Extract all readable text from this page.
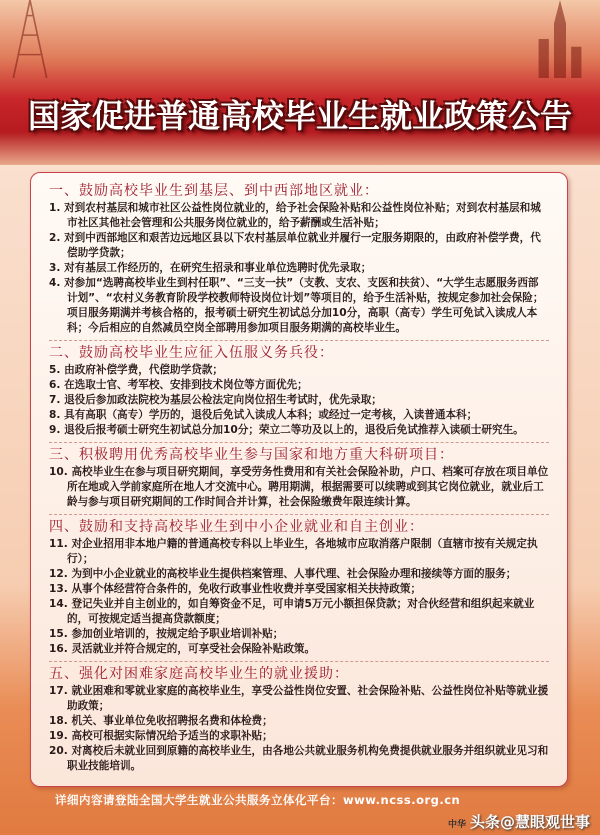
国家促进普通高校毕业生就业政策公告
一、鼓励高校毕业生到基层、到中西部地区就业：
1. 对到农村基层和城市社区公益性岗位就业的，给予社会保险补贴和公益性岗位补贴；对到农村基层和城市社区其他社会管理和公共服务岗位就业的，给予薪酬或生活补贴；
2. 对到中西部地区和艰苦边远地区县以下农村基层单位就业并履行一定服务期限的，由政府补偿学费，代偿助学贷款；
3. 对有基层工作经历的，在研究生招录和事业单位选聘时优先录取；
4. 对参加“选聘高校毕业生到村任职”、“三支一扶”（支教、支农、支医和扶贫）、“大学生志愿服务西部计划”、“农村义务教育阶段学校教师特设岗位计划”等项目的，给予生活补贴，按规定参加社会保险；项目服务期满并考核合格的，报考硕士研究生初试总分加10分，高职（高专）学生可免试入读成人本科；今后相应的自然减员空岗全部聘用参加项目服务期满的高校毕业生。
二、鼓励高校毕业生应征入伍服义务兵役：
5. 由政府补偿学费，代偿助学贷款；
6. 在选取士官、考军校、安排到技术岗位等方面优先；
7. 退役后参加政法院校为基层公检法定向岗位招生考试时，优先录取；
8. 具有高职（高专）学历的，退役后免试入读成人本科；或经过一定考核，入读普通本科；
9. 退役后报考硕士研究生初试总分加10分；荣立二等功及以上的，退役后免试推荐入读硕士研究生。
三、积极聘用优秀高校毕业生参与国家和地方重大科研项目：
10. 高校毕业生在参与项目研究期间，享受劳务性费用和有关社会保险补助，户口、档案可存放在项目单位所在地或入学前家庭所在地人才交流中心。聘用期满，根据需要可以续聘或到其它岗位就业，就业后工龄与参与项目研究期间的工作时间合并计算，社会保险缴费年限连续计算。
四、鼓励和支持高校毕业生到中小企业就业和自主创业：
11. 对企业招用非本地户籍的普通高校专科以上毕业生，各地城市应取消落户限制（直辖市按有关规定执行）；
12. 为到中小企业就业的高校毕业生提供档案管理、人事代理、社会保险办理和接续等方面的服务；
13. 从事个体经营符合条件的，免收行政事业性收费并享受国家相关扶持政策；
14. 登记失业并自主创业的，如自筹资金不足，可申请5万元小额担保贷款；对合伙经营和组织起来就业的，可按规定适当提高贷款额度；
15. 参加创业培训的，按规定给予职业培训补贴；
16. 灵活就业并符合规定的，可享受社会保险补贴政策。
五、强化对困难家庭高校毕业生的就业援助：
17. 就业困难和零就业家庭的高校毕业生，享受公益性岗位安置、社会保险补贴、公益性岗位补贴等就业援助政策；
18. 机关、事业单位免收招聘报名费和体检费；
19. 高校可根据实际情况给予适当的求职补贴；
20. 对离校后未就业回到原籍的高校毕业生，由各地公共就业服务机构免费提供就业服务并组织就业见习和职业技能培训。
详细内容请登陆全国大学生就业公共服务立体化平台：www.ncss.org.cn
中华 头条@慧眼观世事
